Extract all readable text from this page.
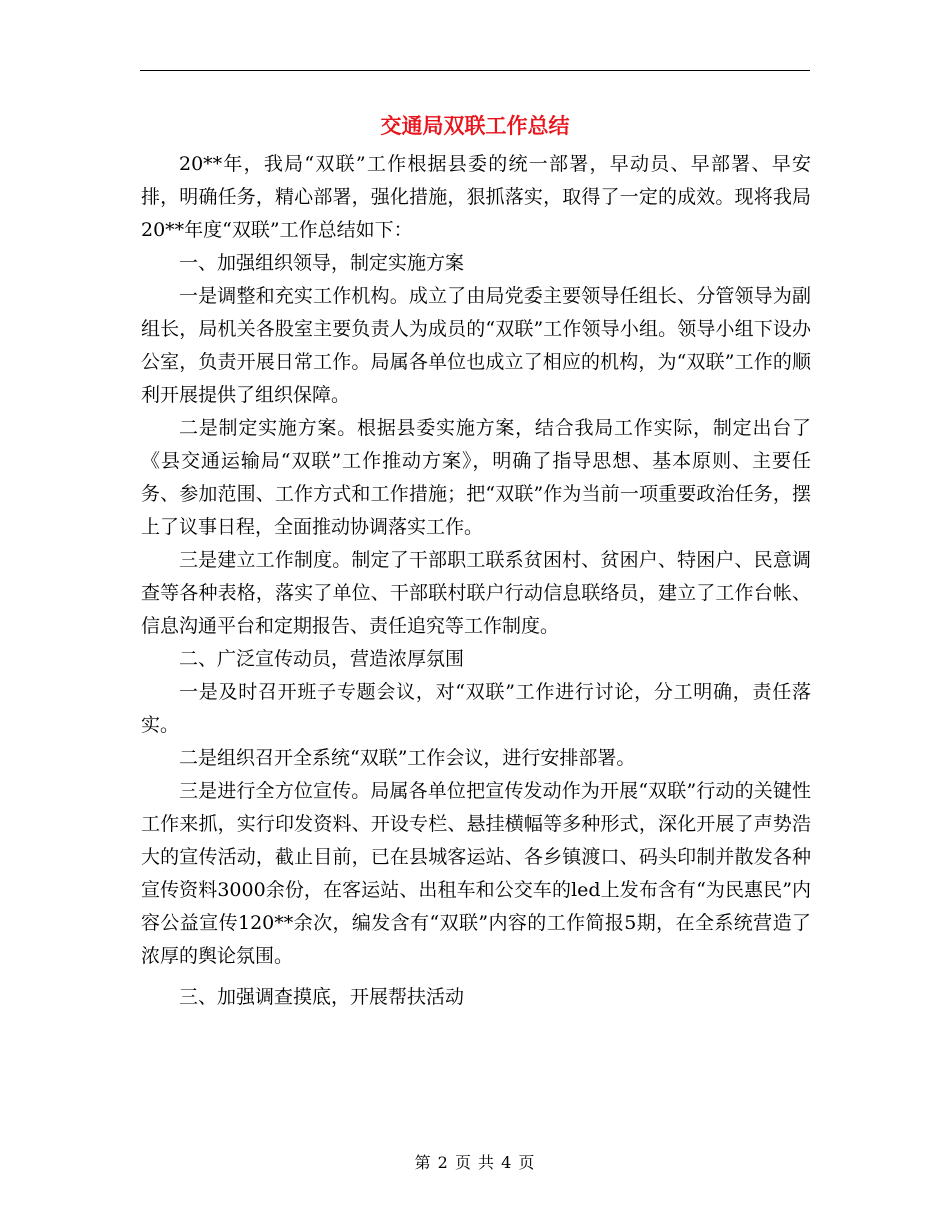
交通局双联工作总结

20**年，我局“双联”工作根据县委的统一部署，早动员、早部署、早安排，明确任务，精心部署，强化措施，狠抓落实，取得了一定的成效。现将我局20**年度“双联”工作总结如下：

一、加强组织领导，制定实施方案

一是调整和充实工作机构。成立了由局党委主要领导任组长、分管领导为副组长，局机关各股室主要负责人为成员的“双联”工作领导小组。领导小组下设办公室，负责开展日常工作。局属各单位也成立了相应的机构，为“双联”工作的顺利开展提供了组织保障。

二是制定实施方案。根据县委实施方案，结合我局工作实际，制定出台了《县交通运输局“双联”工作推动方案》，明确了指导思想、基本原则、主要任务、参加范围、工作方式和工作措施；把“双联”作为当前一项重要政治任务，摆上了议事日程，全面推动协调落实工作。

三是建立工作制度。制定了干部职工联系贫困村、贫困户、特困户、民意调查等各种表格，落实了单位、干部联村联户行动信息联络员，建立了工作台帐、信息沟通平台和定期报告、责任追究等工作制度。

二、广泛宣传动员，营造浓厚氛围

一是及时召开班子专题会议，对“双联”工作进行讨论，分工明确，责任落实。

二是组织召开全系统“双联”工作会议，进行安排部署。

三是进行全方位宣传。局属各单位把宣传发动作为开展“双联”行动的关键性工作来抓，实行印发资料、开设专栏、悬挂横幅等多种形式，深化开展了声势浩大的宣传活动，截止目前，已在县城客运站、各乡镇渡口、码头印制并散发各种宣传资料3000余份，在客运站、出租车和公交车的led上发布含有“为民惠民”内容公益宣传120**余次，编发含有“双联”内容的工作简报5期，在全系统营造了浓厚的舆论氛围。

三、加强调查摸底，开展帮扶活动

第 2 页 共 4 页
